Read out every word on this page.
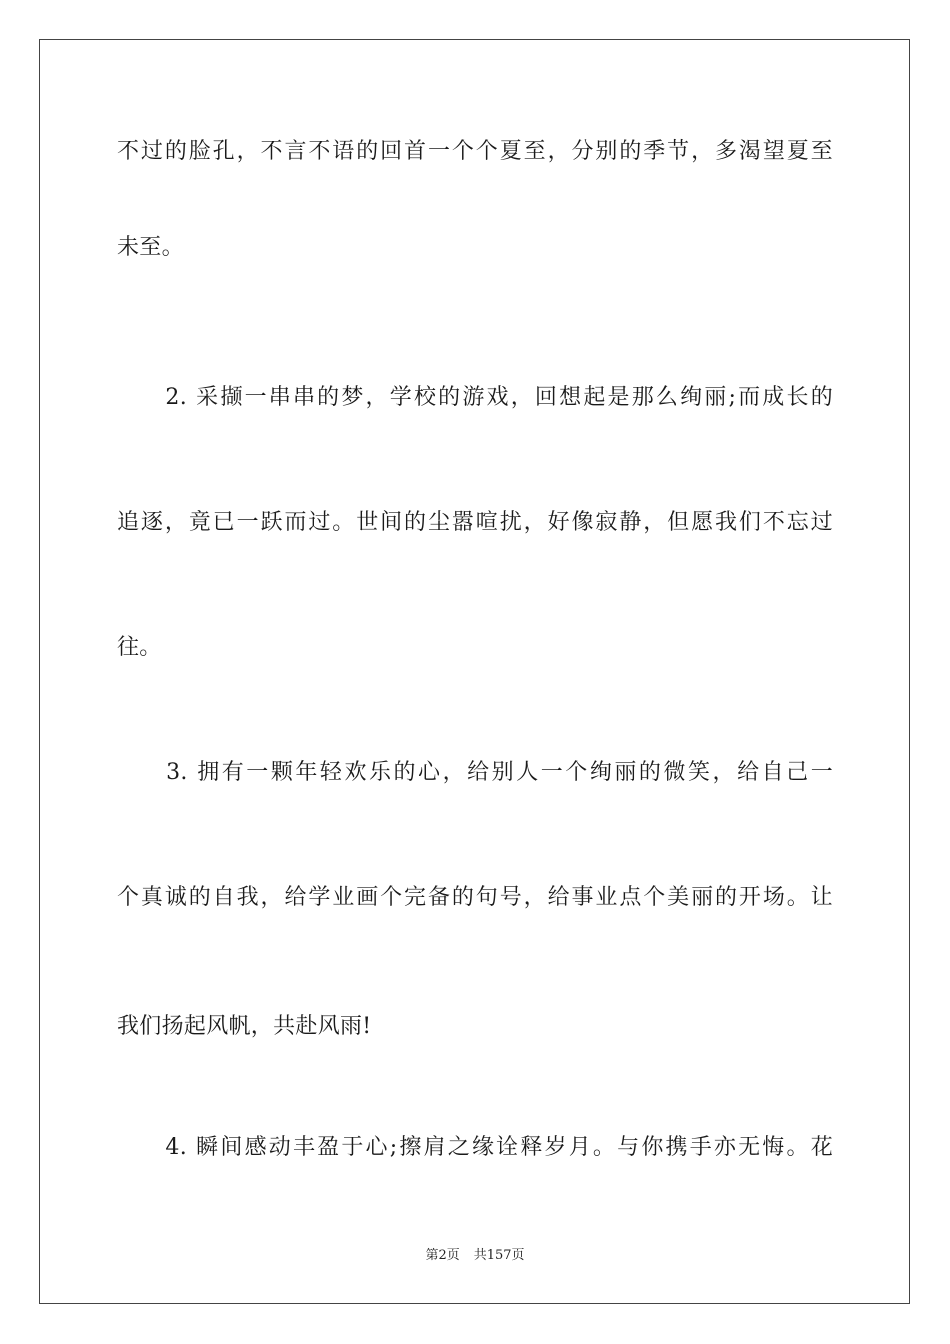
不过的脸孔，不言不语的回首一个个夏至，分别的季节，多渴望夏至
未至。
　　2. 采撷一串串的梦，学校的游戏，回想起是那么绚丽;而成长的
追逐，竟已一跃而过。世间的尘嚣喧扰，好像寂静，但愿我们不忘过
往。
　　3. 拥有一颗年轻欢乐的心，给别人一个绚丽的微笑，给自己一
个真诚的自我，给学业画个完备的句号，给事业点个美丽的开场。让
我们扬起风帆，共赴风雨!
　　4. 瞬间感动丰盈于心;擦肩之缘诠释岁月。与你携手亦无悔。花
第2页 共157页
